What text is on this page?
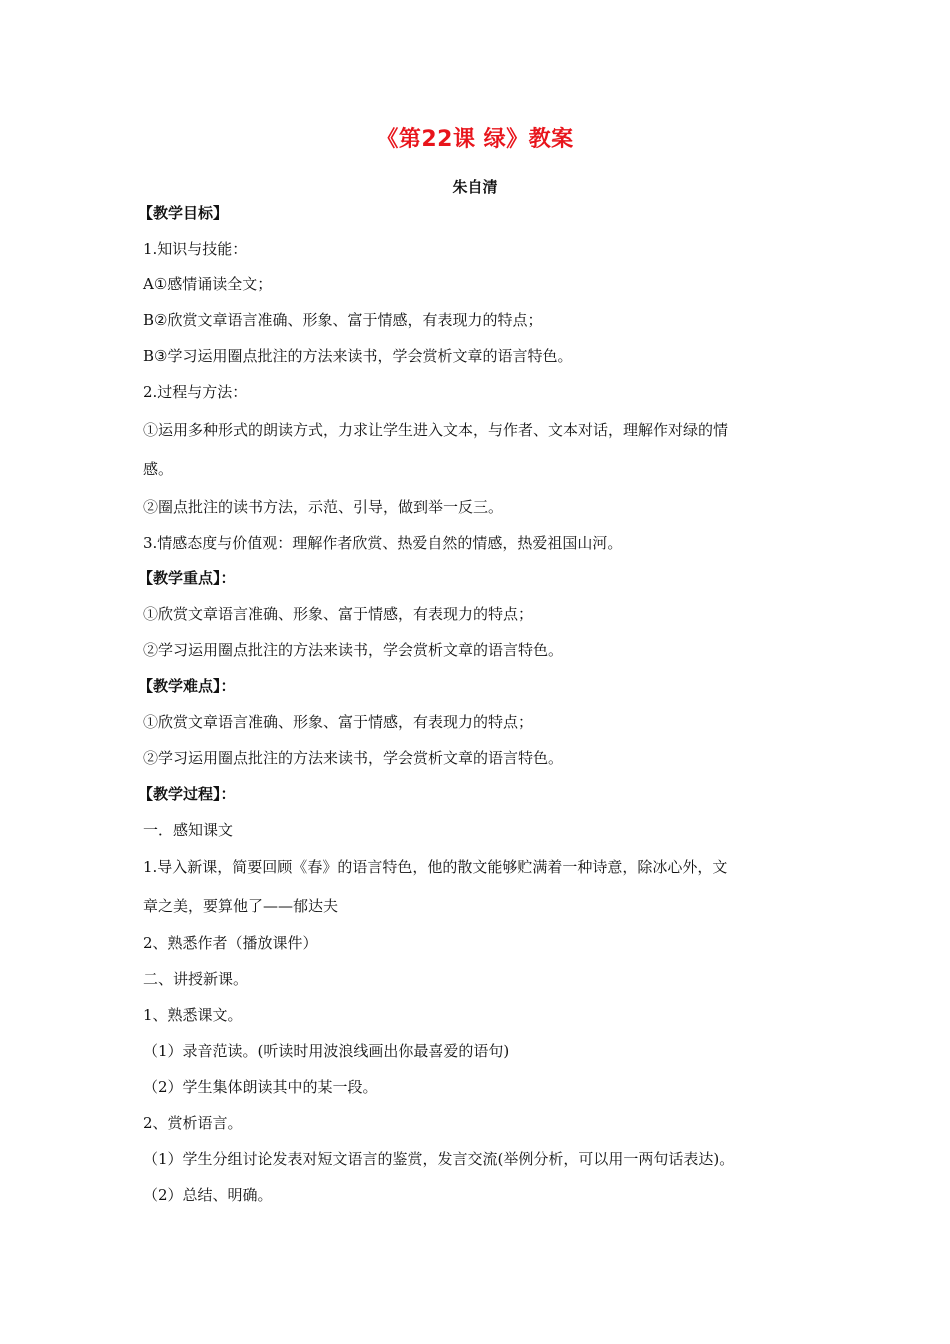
《第22课 绿》教案
朱自清
【教学目标】
1.知识与技能：
A①感情诵读全文；
B②欣赏文章语言准确、形象、富于情感，有表现力的特点；
B③学习运用圈点批注的方法来读书，学会赏析文章的语言特色。
2.过程与方法：
①运用多种形式的朗读方式，力求让学生进入文本，与作者、文本对话，理解作对绿的情
感。
②圈点批注的读书方法，示范、引导，做到举一反三。
3.情感态度与价值观：理解作者欣赏、热爱自然的情感，热爱祖国山河。
【教学重点】：
①欣赏文章语言准确、形象、富于情感，有表现力的特点；
②学习运用圈点批注的方法来读书，学会赏析文章的语言特色。
【教学难点】：
①欣赏文章语言准确、形象、富于情感，有表现力的特点；
②学习运用圈点批注的方法来读书，学会赏析文章的语言特色。
【教学过程】：
一．感知课文
1.导入新课，简要回顾《春》的语言特色，他的散文能够贮满着一种诗意，除冰心外，文
章之美，要算他了——郁达夫
2、熟悉作者（播放课件）
二、讲授新课。
1、熟悉课文。
（1）录音范读。(听读时用波浪线画出你最喜爱的语句)
（2）学生集体朗读其中的某一段。
2、赏析语言。
（1）学生分组讨论发表对短文语言的鉴赏，发言交流(举例分析，可以用一两句话表达)。
（2）总结、明确。
